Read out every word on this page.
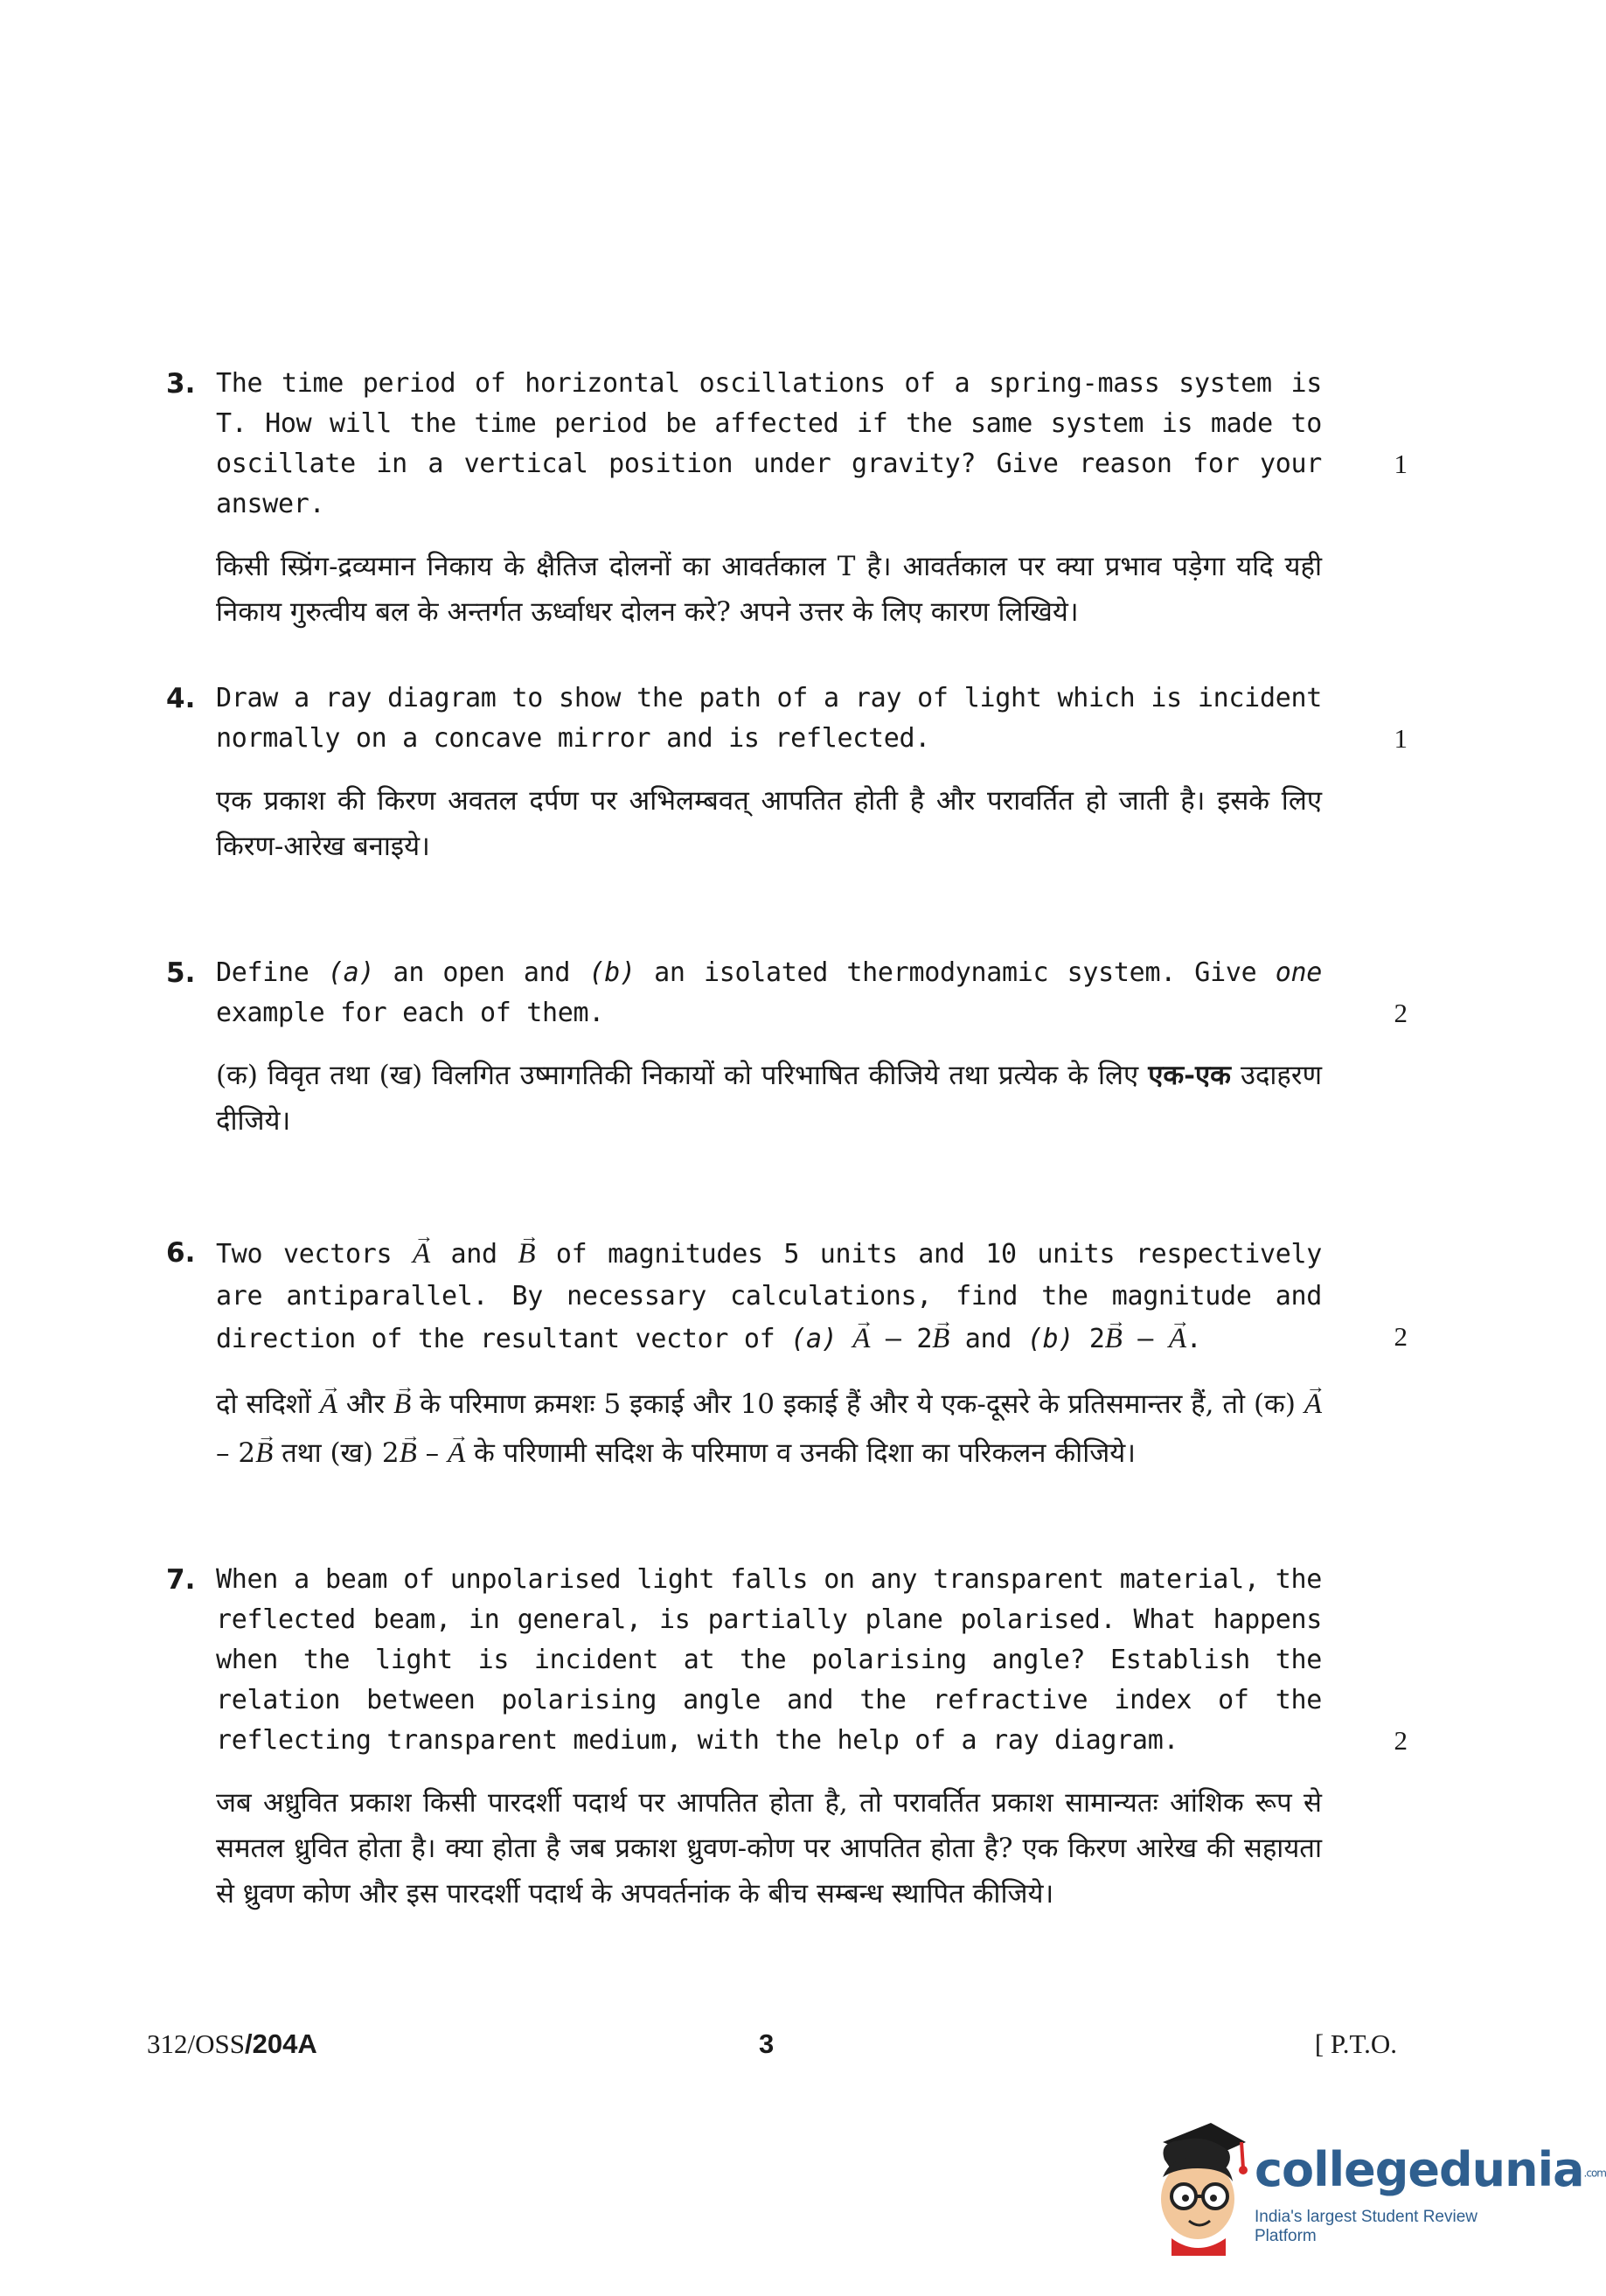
3. The time period of horizontal oscillations of a spring-mass system is T. How will the time period be affected if the same system is made to oscillate in a vertical position under gravity? Give reason for your answer.
किसी स्प्रिंग-द्रव्यमान निकाय के क्षैतिज दोलनों का आवर्तकाल T है। आवर्तकाल पर क्या प्रभाव पड़ेगा यदि यही निकाय गुरुत्वीय बल के अन्तर्गत ऊर्ध्वाधर दोलन करे? अपने उत्तर के लिए कारण लिखिये।
1
4. Draw a ray diagram to show the path of a ray of light which is incident normally on a concave mirror and is reflected.
एक प्रकाश की किरण अवतल दर्पण पर अभिलम्बवत् आपतित होती है और परावर्तित हो जाती है। इसके लिए किरण-आरेख बनाइये।
1
5. Define (a) an open and (b) an isolated thermodynamic system. Give one example for each of them.
(क) विवृत तथा (ख) विलगित उष्मागतिकी निकायों को परिभाषित कीजिये तथा प्रत्येक के लिए एक-एक उदाहरण दीजिये।
2
6. Two vectors → A and → B of magnitudes 5 units and 10 units respectively are antiparallel. By necessary calculations, find the magnitude and direction of the resultant vector of (a) → A – 2→ B and (b) 2→ B – → A.
दो सदिशों → A और → B के परिमाण क्रमशः 5 इकाई और 10 इकाई हैं और ये एक-दूसरे के प्रतिसमान्तर हैं, तो (क) → A – 2→ B तथा (ख) 2→ B – → A के परिणामी सदिश के परिमाण व उनकी दिशा का परिकलन कीजिये।
2
7. When a beam of unpolarised light falls on any transparent material, the reflected beam, in general, is partially plane polarised. What happens when the light is incident at the polarising angle? Establish the relation between polarising angle and the refractive index of the reflecting transparent medium, with the help of a ray diagram.
जब अध्रुवित प्रकाश किसी पारदर्शी पदार्थ पर आपतित होता है, तो परावर्तित प्रकाश सामान्यतः आंशिक रूप से समतल ध्रुवित होता है। क्या होता है जब प्रकाश ध्रुवण-कोण पर आपतित होता है? एक किरण आरेख की सहायता से ध्रुवण कोण और इस पारदर्शी पदार्थ के अपवर्तनांक के बीच सम्बन्ध स्थापित कीजिये।
2
312/OSS/204A	3	[ P.T.O.
collegedunia.com
India's largest Student Review Platform
